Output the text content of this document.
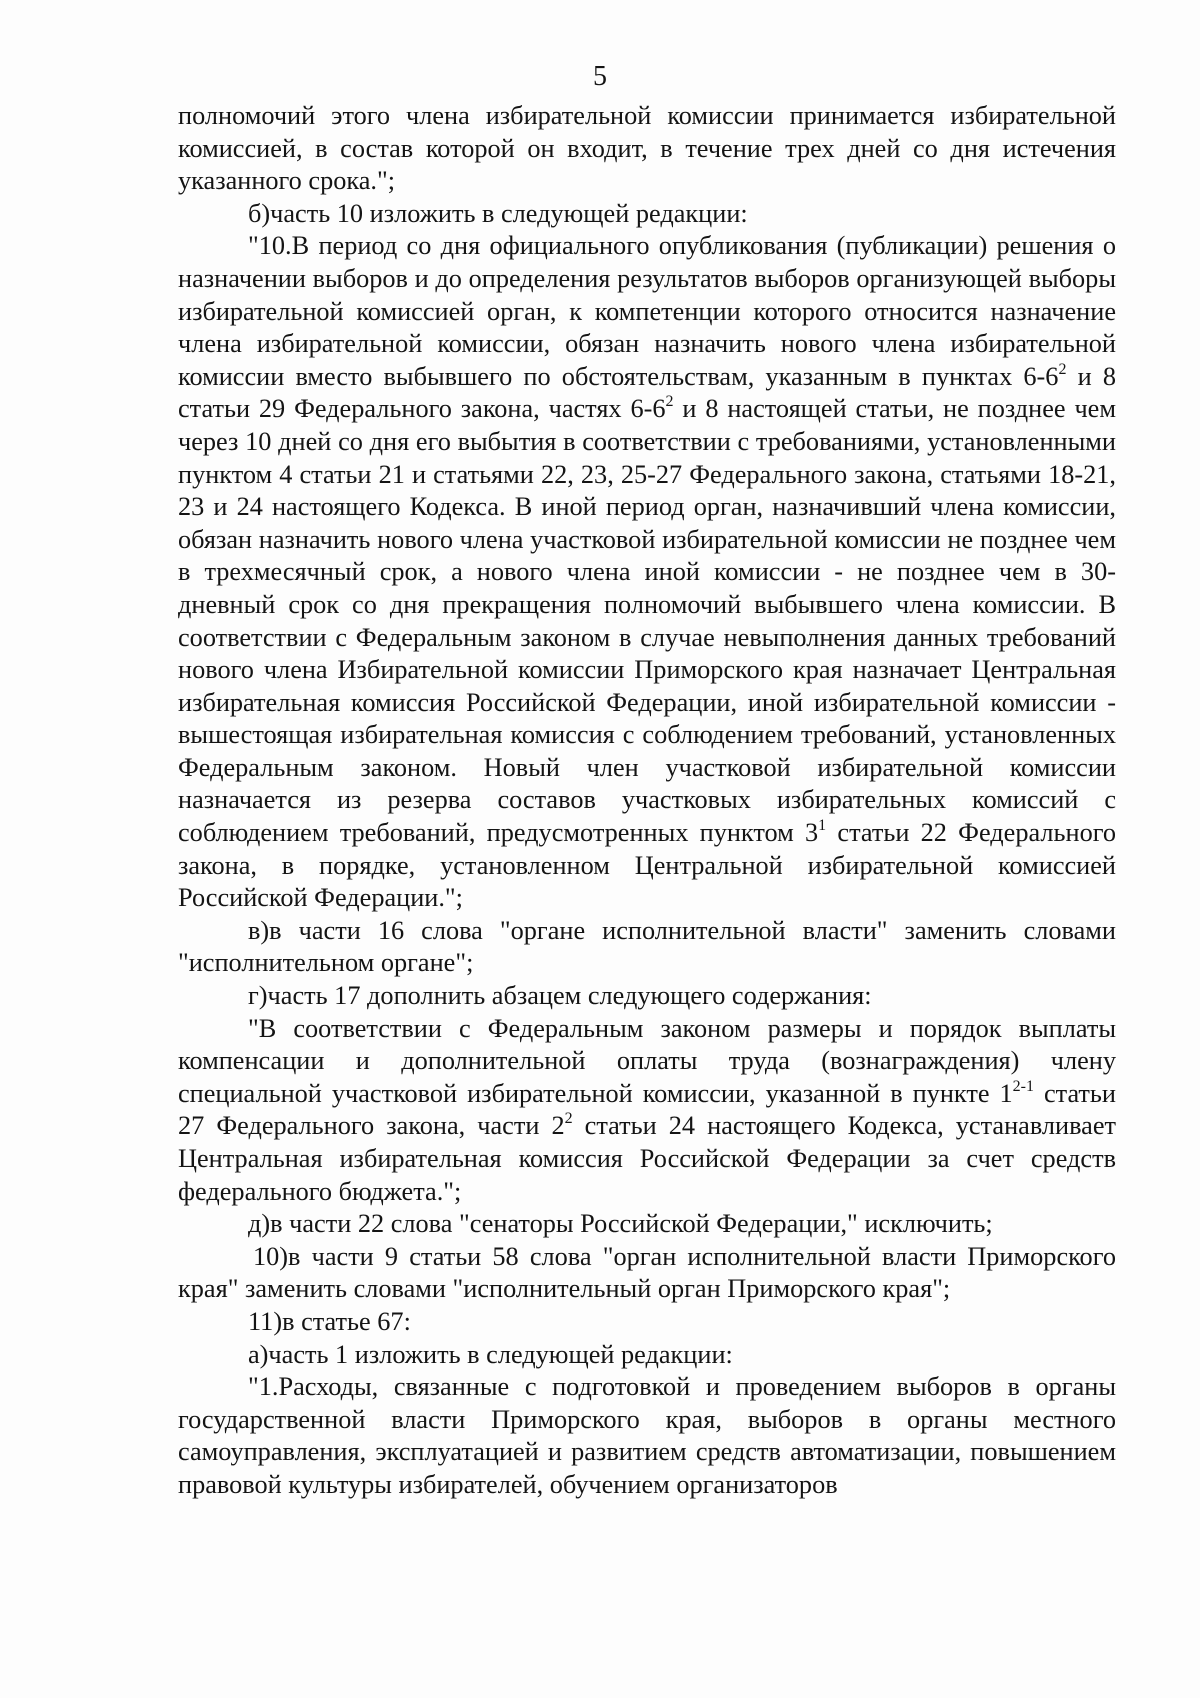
5

полномочий этого члена избирательной комиссии принимается избирательной комиссией, в состав которой он входит, в течение трех дней со дня истечения указанного срока.";

б)часть 10 изложить в следующей редакции:

"10.В период со дня официального опубликования (публикации) решения о назначении выборов и до определения результатов выборов организующей выборы избирательной комиссией орган, к компетенции которого относится назначение члена избирательной комиссии, обязан назначить нового члена избирательной комиссии вместо выбывшего по обстоятельствам, указанным в пунктах $6-6^2$ и 8 статьи 29 Федерального закона, частях $6-6^2$ и 8 настоящей статьи, не позднее чем через 10 дней со дня его выбытия в соответствии с требованиями, установленными пунктом 4 статьи 21 и статьями 22, 23, 25-27 Федерального закона, статьями 18-21, 23 и 24 настоящего Кодекса. В иной период орган, назначивший члена комиссии, обязан назначить нового члена участковой избирательной комиссии не позднее чем в трехмесячный срок, а нового члена иной комиссии - не позднее чем в 30-дневный срок со дня прекращения полномочий выбывшего члена комиссии. В соответствии с Федеральным законом в случае невыполнения данных требований нового члена Избирательной комиссии Приморского края назначает Центральная избирательная комиссия Российской Федерации, иной избирательной комиссии - вышестоящая избирательная комиссия с соблюдением требований, установленных Федеральным законом. Новый член участковой избирательной комиссии назначается из резерва составов участковых избирательных комиссий с соблюдением требований, предусмотренных пунктом $3^1$ статьи 22 Федерального закона, в порядке, установленном Центральной избирательной комиссией Российской Федерации.";

в)в части 16 слова "органе исполнительной власти" заменить словами "исполнительном органе";

г)часть 17 дополнить абзацем следующего содержания:

"В соответствии с Федеральным законом размеры и порядок выплаты компенсации и дополнительной оплаты труда (вознаграждения) члену специальной участковой избирательной комиссии, указанной в пункте 1$^{2-1}$ статьи 27 Федерального закона, части $2^2$ статьи 24 настоящего Кодекса, устанавливает Центральная избирательная комиссия Российской Федерации за счет средств федерального бюджета.";

д)в части 22 слова "сенаторы Российской Федерации," исключить;

10)в части 9 статьи 58 слова "орган исполнительной власти Приморского края" заменить словами "исполнительный орган Приморского края";

11)в статье 67:

а)часть 1 изложить в следующей редакции:

"1.Расходы, связанные с подготовкой и проведением выборов в органы государственной власти Приморского края, выборов в органы местного самоуправления, эксплуатацией и развитием средств автоматизации, повышением правовой культуры избирателей, обучением организаторов
